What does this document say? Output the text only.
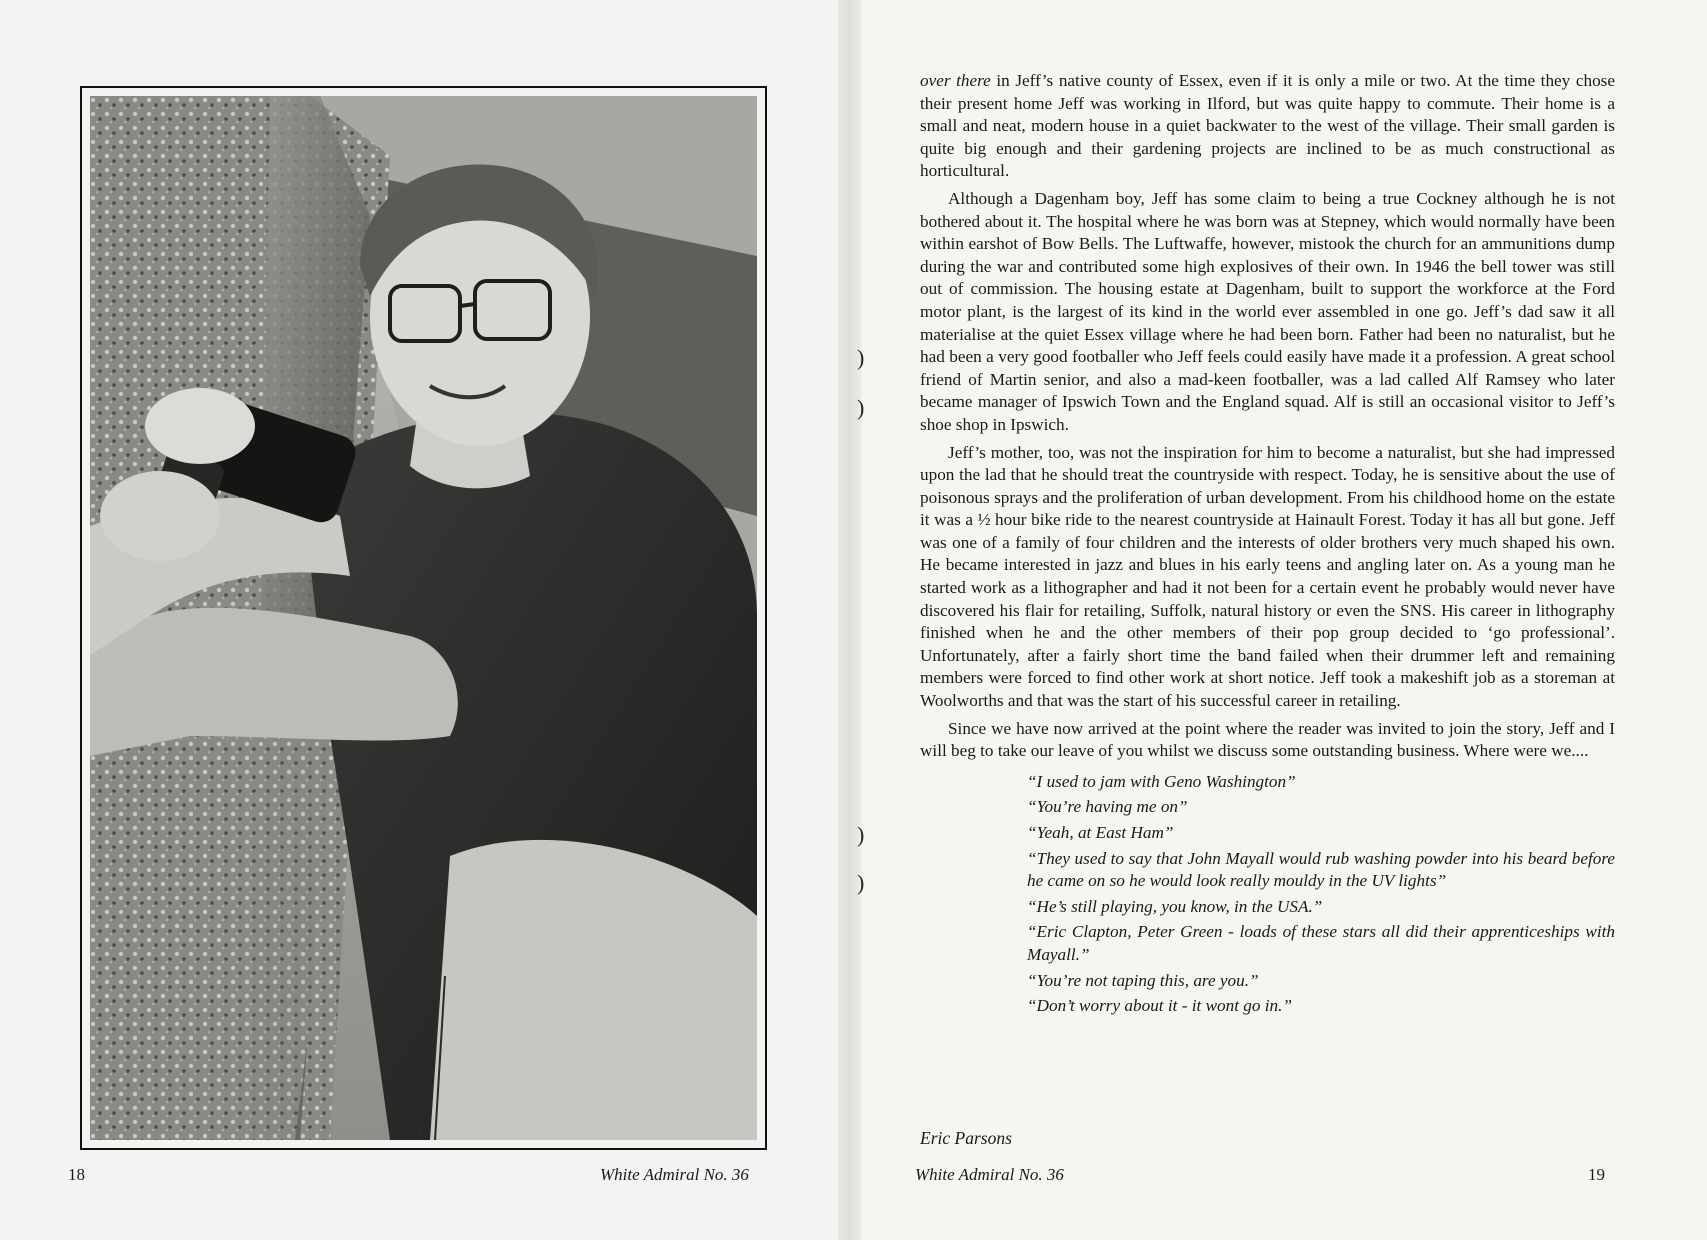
18	White Admiral No. 36
)
)
)
)

over there in Jeff’s native county of Essex, even if it is only a mile or two. At the time they chose their present home Jeff was working in Ilford, but was quite happy to commute. Their home is a small and neat, modern house in a quiet backwater to the west of the village. Their small garden is quite big enough and their gardening projects are inclined to be as much constructional as horticultural.

Although a Dagenham boy, Jeff has some claim to being a true Cockney although he is not bothered about it. The hospital where he was born was at Stepney, which would normally have been within earshot of Bow Bells. The Luftwaffe, however, mistook the church for an ammunitions dump during the war and contributed some high explosives of their own. In 1946 the bell tower was still out of commission. The housing estate at Dagenham, built to support the workforce at the Ford motor plant, is the largest of its kind in the world ever assembled in one go. Jeff’s dad saw it all materialise at the quiet Essex village where he had been born. Father had been no naturalist, but he had been a very good footballer who Jeff feels could easily have made it a profession. A great school friend of Martin senior, and also a mad-keen footballer, was a lad called Alf Ramsey who later became manager of Ipswich Town and the England squad. Alf is still an occasional visitor to Jeff’s shoe shop in Ipswich.

Jeff’s mother, too, was not the inspiration for him to become a naturalist, but she had impressed upon the lad that he should treat the countryside with respect. Today, he is sensitive about the use of poisonous sprays and the proliferation of urban development. From his childhood home on the estate it was a ½ hour bike ride to the nearest countryside at Hainault Forest. Today it has all but gone. Jeff was one of a family of four children and the interests of older brothers very much shaped his own. He became interested in jazz and blues in his early teens and angling later on. As a young man he started work as a lithographer and had it not been for a certain event he probably would never have discovered his flair for retailing, Suffolk, natural history or even the SNS. His career in lithography finished when he and the other members of their pop group decided to ‘go professional’. Unfortunately, after a fairly short time the band failed when their drummer left and remaining members were forced to find other work at short notice. Jeff took a makeshift job as a storeman at Woolworths and that was the start of his successful career in retailing.

Since we have now arrived at the point where the reader was invited to join the story, Jeff and I will beg to take our leave of you whilst we discuss some outstanding business. Where were we....

“I used to jam with Geno Washington”
“You’re having me on”
“Yeah, at East Ham”
“They used to say that John Mayall would rub washing powder into his beard before he came on so he would look really mouldy in the UV lights”
“He’s still playing, you know, in the USA.”
“Eric Clapton, Peter Green - loads of these stars all did their apprenticeships with Mayall.”
“You’re not taping this, are you.”
“Don’t worry about it - it wont go in.”
Eric Parsons
White Admiral No. 36	19
